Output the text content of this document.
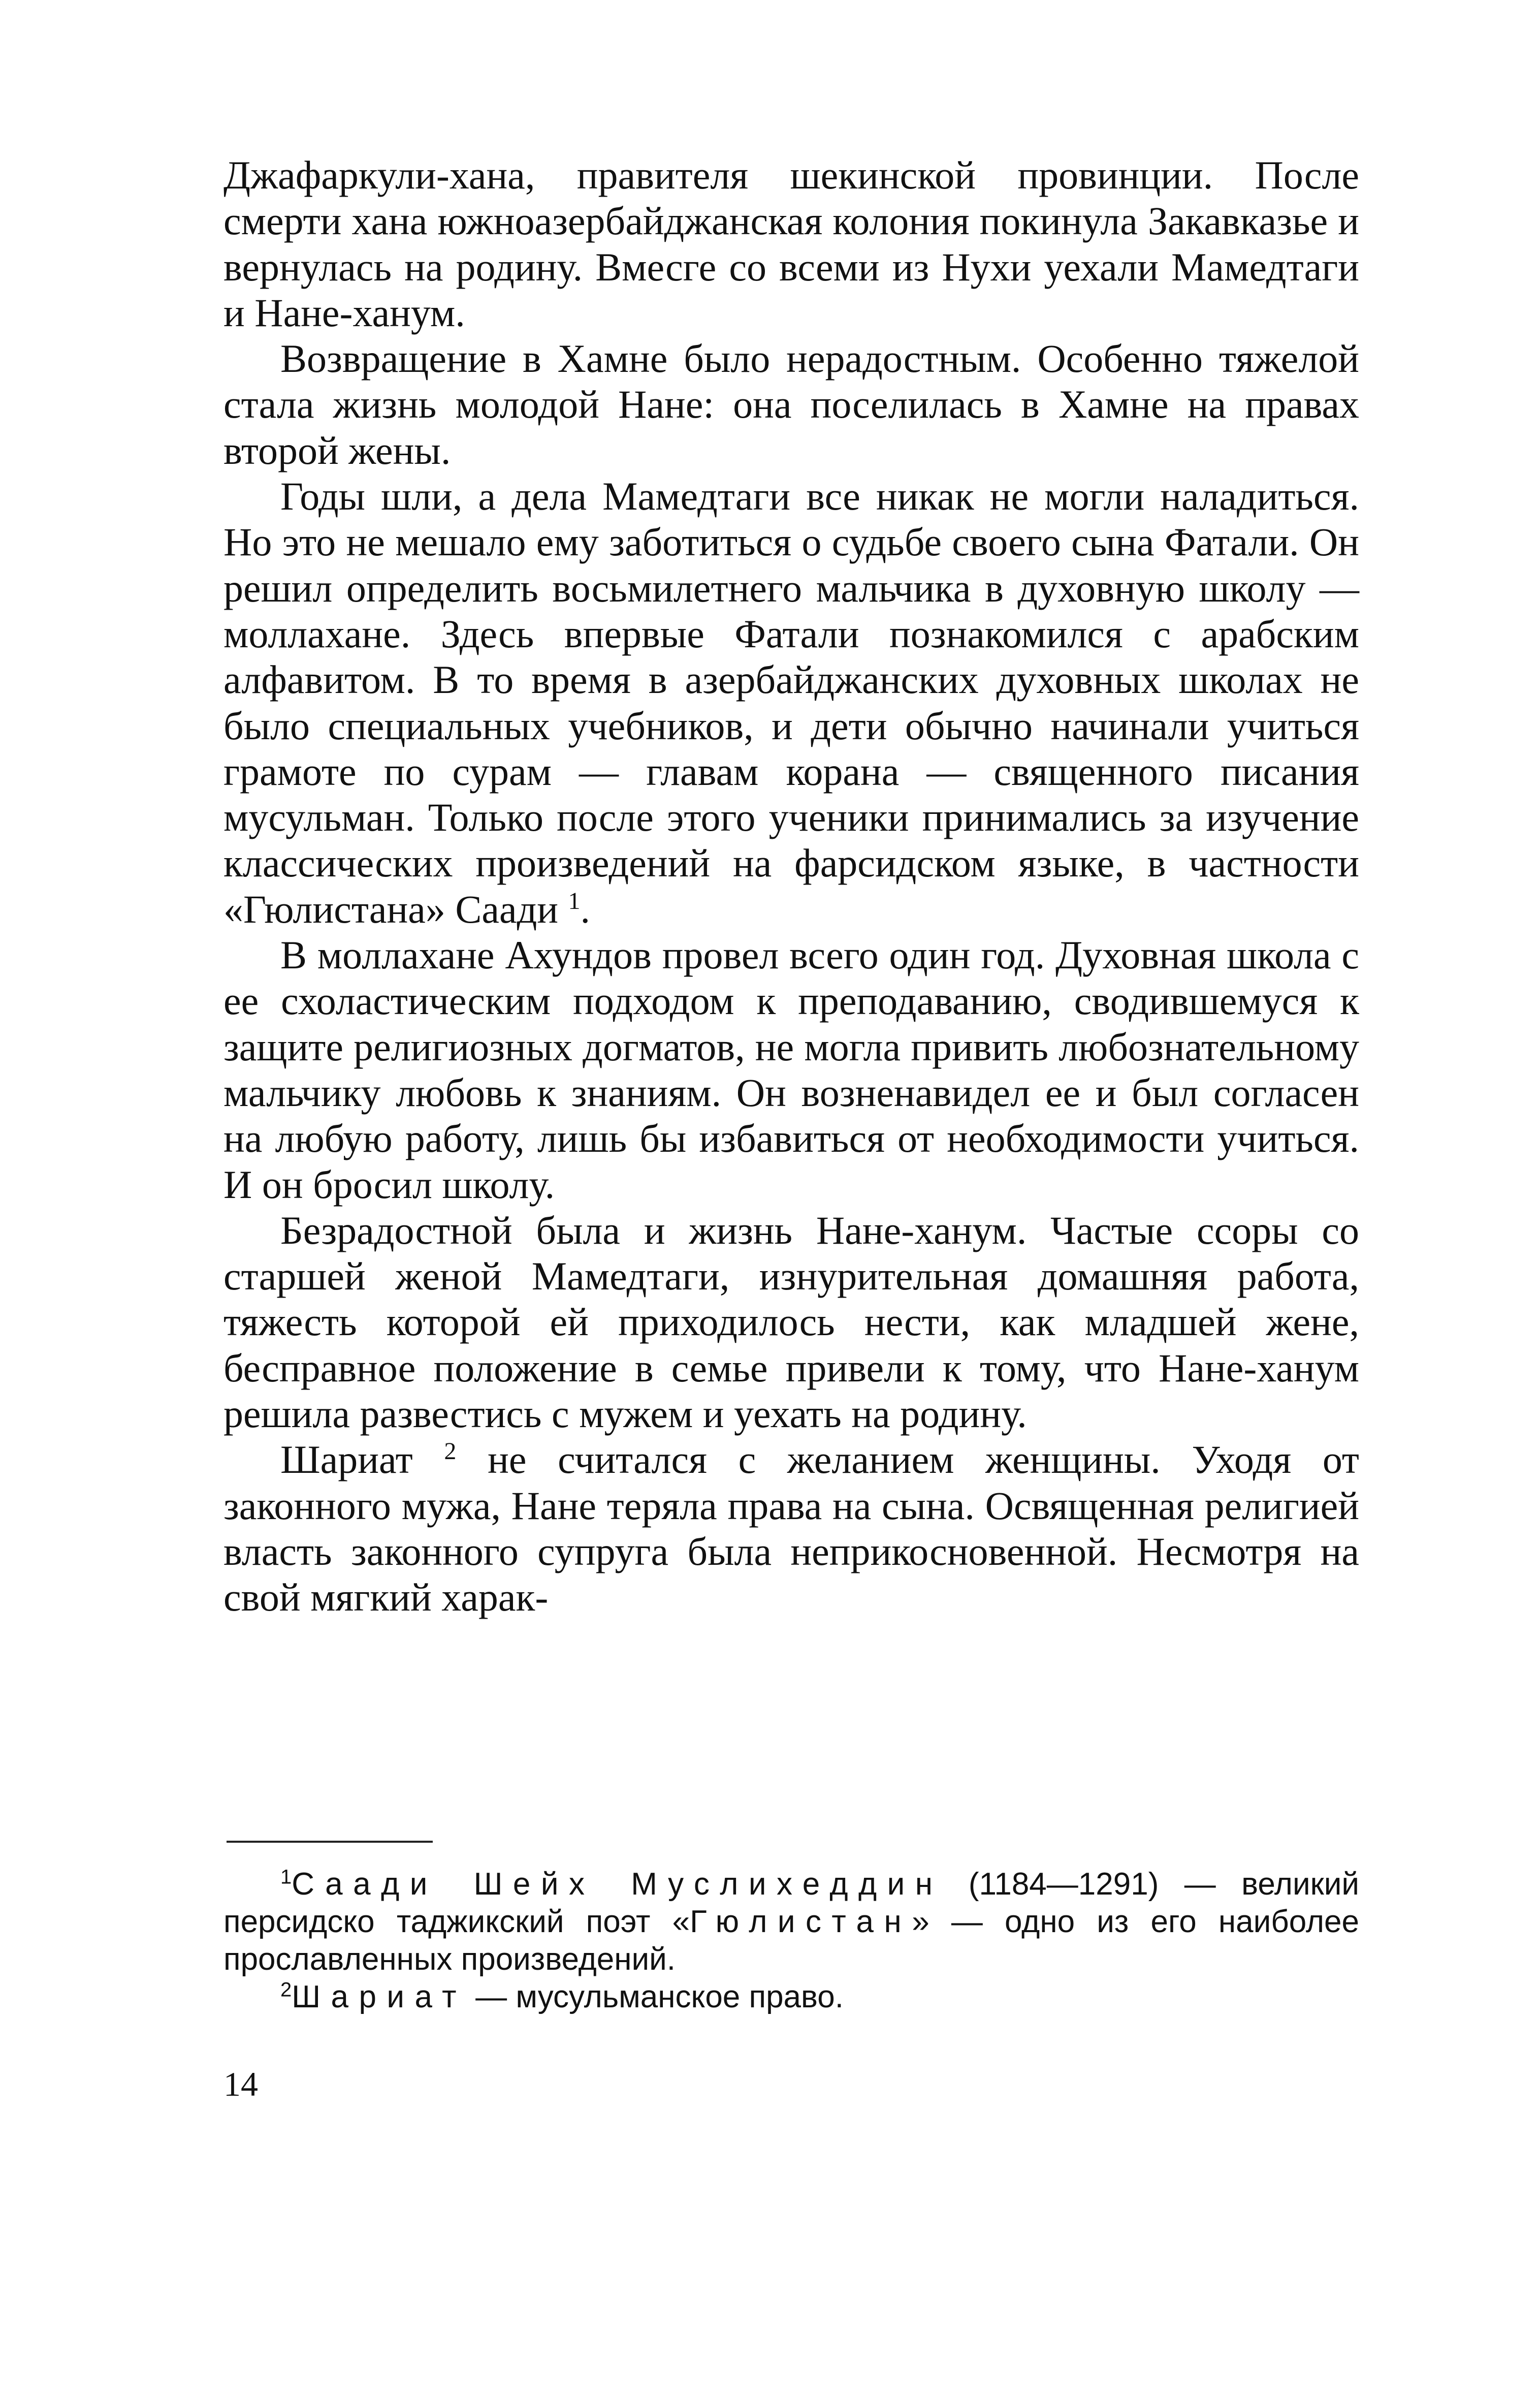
Джафаркули-хана, правителя шекинской провинции. После смерти хана южноазербайджанская колония покинула Закавказье и вернулась на родину. Вмесге со всеми из Нухи уехали Мамедтаги и Нане-ханум.

Возвращение в Хамне было нерадостным. Особенно тяжелой стала жизнь молодой Нане: она поселилась в Хамне на правах второй жены.

Годы шли, а дела Мамедтаги все никак не могли наладиться. Но это не мешало ему заботиться о судьбе своего сына Фатали. Он решил определить восьмилетнего мальчика в духовную школу — моллахане. Здесь впервые Фатали познакомился с арабским алфавитом. В то время в азербайджанских духовных школах не было специальных учебников, и дети обычно начинали учиться грамоте по сурам — главам корана — священного писания мусульман. Только после этого ученики принимались за изучение классических произведений на фарсидском языке, в частности «Гюлистана» Саади $^1$.

В моллахане Ахундов провел всего один год. Духовная школа с ее схоластическим подходом к преподаванию, сводившемуся к защите религиозных догматов, не могла привить любознательному мальчику любовь к знаниям. Он возненавидел ее и был согласен на любую работу, лишь бы избавиться от необходимости учиться. И он бросил школу.

Безрадостной была и жизнь Нане-ханум. Частые ссоры со старшей женой Мамедтаги, изнурительная домашняя работа, тяжесть которой ей приходилось нести, как младшей жене, бесправное положение в семье привели к тому, что Нане-ханум решила развестись с мужем и уехать на родину.

Шариат $^2$ не считался с желанием женщины. Уходя от законного мужа, Нане теряла права на сына. Освященная религией власть законного супруга была неприкосновенной. Несмотря на свой мягкий харак-

$^1$Саади Шейх Муслихеддин (1184—1291) — великий персидско таджикский поэт «Гюлистан» — одно из его наиболее прославленных произведений.

$^2$Шариат — мусульманское право.

14
